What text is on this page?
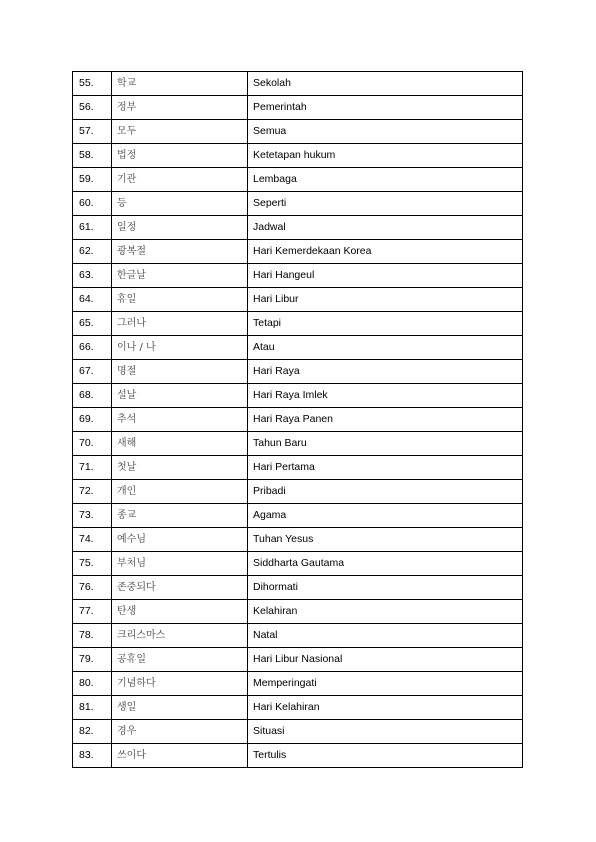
55.	학교	Sekolah
56.	정부	Pemerintah
57.	모두	Semua
58.	법정	Ketetapan hukum
59.	기관	Lembaga
60.	등	Seperti
61.	일정	Jadwal
62.	광복절	Hari Kemerdekaan Korea
63.	한글날	Hari Hangeul
64.	휴일	Hari Libur
65.	그러나	Tetapi
66.	이나 / 나	Atau
67.	명절	Hari Raya
68.	설날	Hari Raya Imlek
69.	추석	Hari Raya Panen
70.	새해	Tahun Baru
71.	첫날	Hari Pertama
72.	개인	Pribadi
73.	종교	Agama
74.	예수님	Tuhan Yesus
75.	부처님	Siddharta Gautama
76.	존중되다	Dihormati
77.	탄생	Kelahiran
78.	크리스마스	Natal
79.	공휴일	Hari Libur Nasional
80.	기념하다	Memperingati
81.	생일	Hari Kelahiran
82.	경우	Situasi
83.	쓰이다	Tertulis
